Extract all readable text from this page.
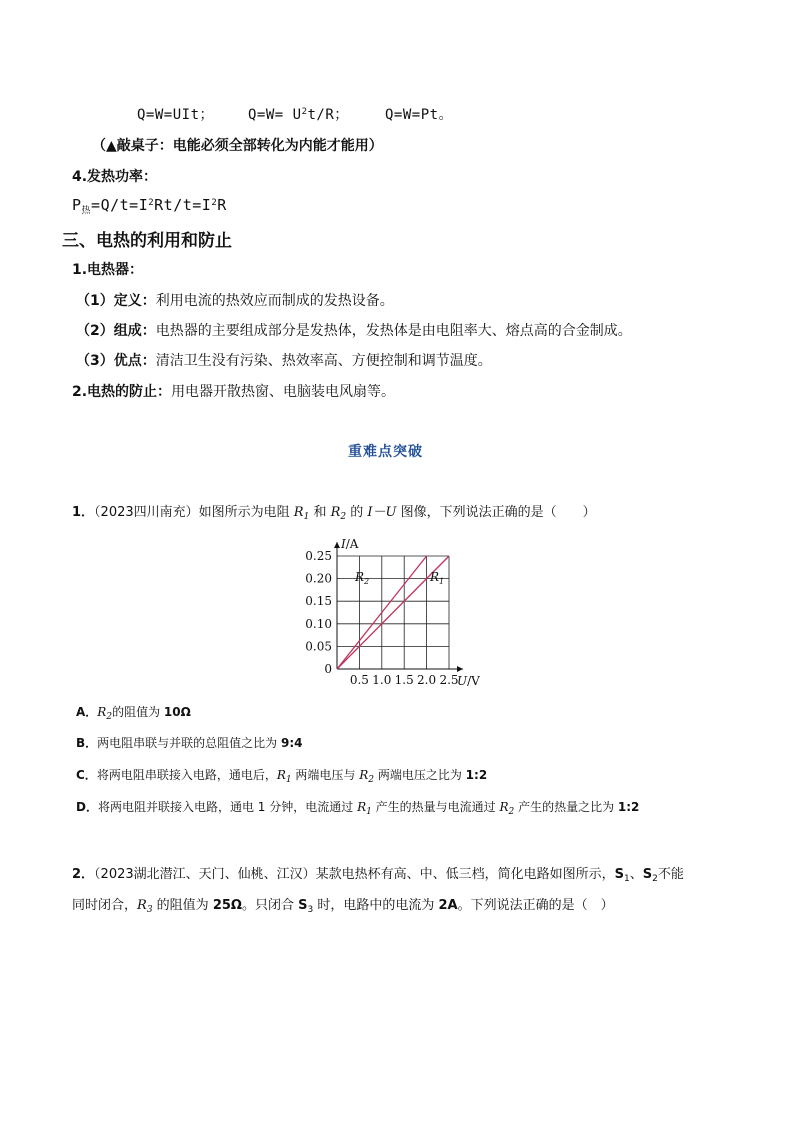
Q=W=UIt； $Q=W= U^2t/R$；	Q=W=Pt。
（▲敲桌子：电能必须全部转化为内能才能用）
4.发热功率：
$P_热=Q/t=I^2Rt/t=I^2R$
三、电热的利用和防止
1.电热器：
（1）定义：利用电流的热效应而制成的发热设备。
（2）组成：电热器的主要组成部分是发热体，发热体是由电阻率大、熔点高的合金制成。
（3）优点：清洁卫生没有污染、热效率高、方便控制和调节温度。
2.电热的防止：用电器开散热窗、电脑装电风扇等。
重难点突破
1．（2023四川南充）如图所示为电阻 $R_1$ 和 $R_2$ 的 I－U 图像，下列说法正确的是（　　）
$R_2$	$R_1$
0.5 1.0 1.5 2.0 2.5
0.05
0.10
0.15
0.20
0.25
0
U/V
I/A
A．$R_2$的阻值为 10Ω
B．两电阻串联与并联的总阻值之比为 9:4
C．将两电阻串联接入电路，通电后，$R_1$ 两端电压与 $R_2$ 两端电压之比为 1:2
D．将两电阻并联接入电路，通电 1 分钟，电流通过 $R_1$ 产生的热量与电流通过 $R_2$ 产生的热量之比为 1:2
2．（2023湖北潜江、天门、仙桃、江汉）某款电热杯有高、中、低三档，简化电路如图所示，$S_1$、$S_2$不能
同时闭合，$R_3$ 的阻值为 25Ω。只闭合 $S_3$ 时，电路中的电流为 2A。下列说法正确的是（　）
